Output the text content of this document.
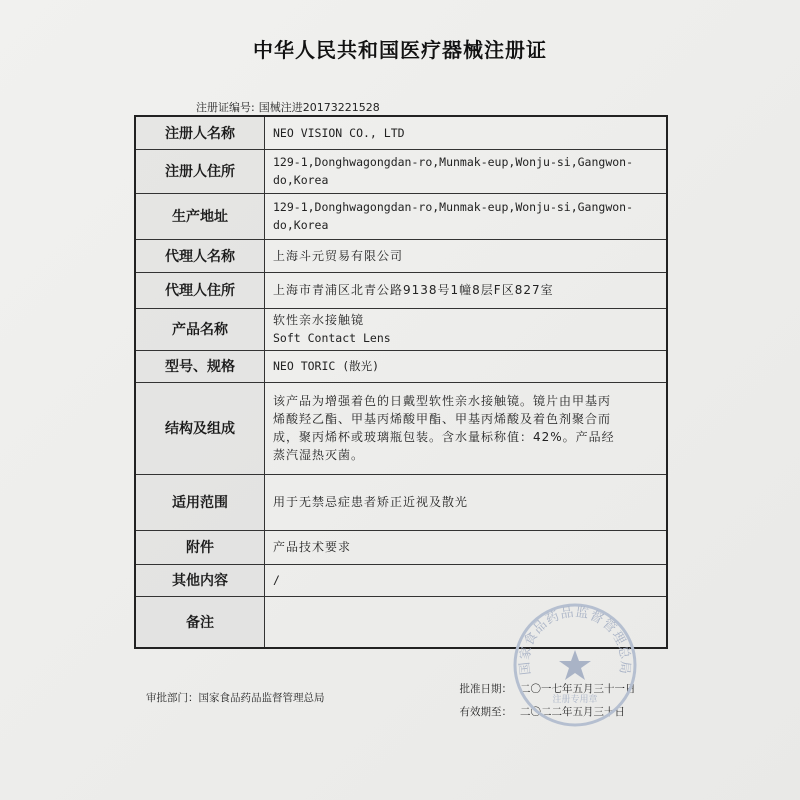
中华人民共和国医疗器械注册证
注册证编号: 国械注进20173221528
注册人名称	NEO VISION CO., LTD
注册人住所	129-1,Donghwagongdan-ro,Munmak-eup,Wonju-si,Gangwon-
do,Korea

生产地址	129-1,Donghwagongdan-ro,Munmak-eup,Wonju-si,Gangwon-
do,Korea

代理人名称	上海斗元贸易有限公司
代理人住所	上海市青浦区北青公路9138号1幢8层F区827室
产品名称	软性亲水接触镜
Soft Contact Lens

型号、规格	NEO TORIC (散光)
结构及组成	该产品为增强着色的日戴型软性亲水接触镜。镜片由甲基丙
烯酸羟乙酯、甲基丙烯酸甲酯、甲基丙烯酸及着色剂聚合而
成，聚丙烯杯或玻璃瓶包装。含水量标称值：42%。产品经
蒸汽湿热灭菌。

适用范围	用于无禁忌症患者矫正近视及散光
附件	产品技术要求
其他内容	/
备注	
审批部门：国家食品药品监督管理总局
批准日期： 二〇一七年五月三十一日
有效期至： 二〇二二年五月三十日
国家食品药品监督管理总局
注册专用章
